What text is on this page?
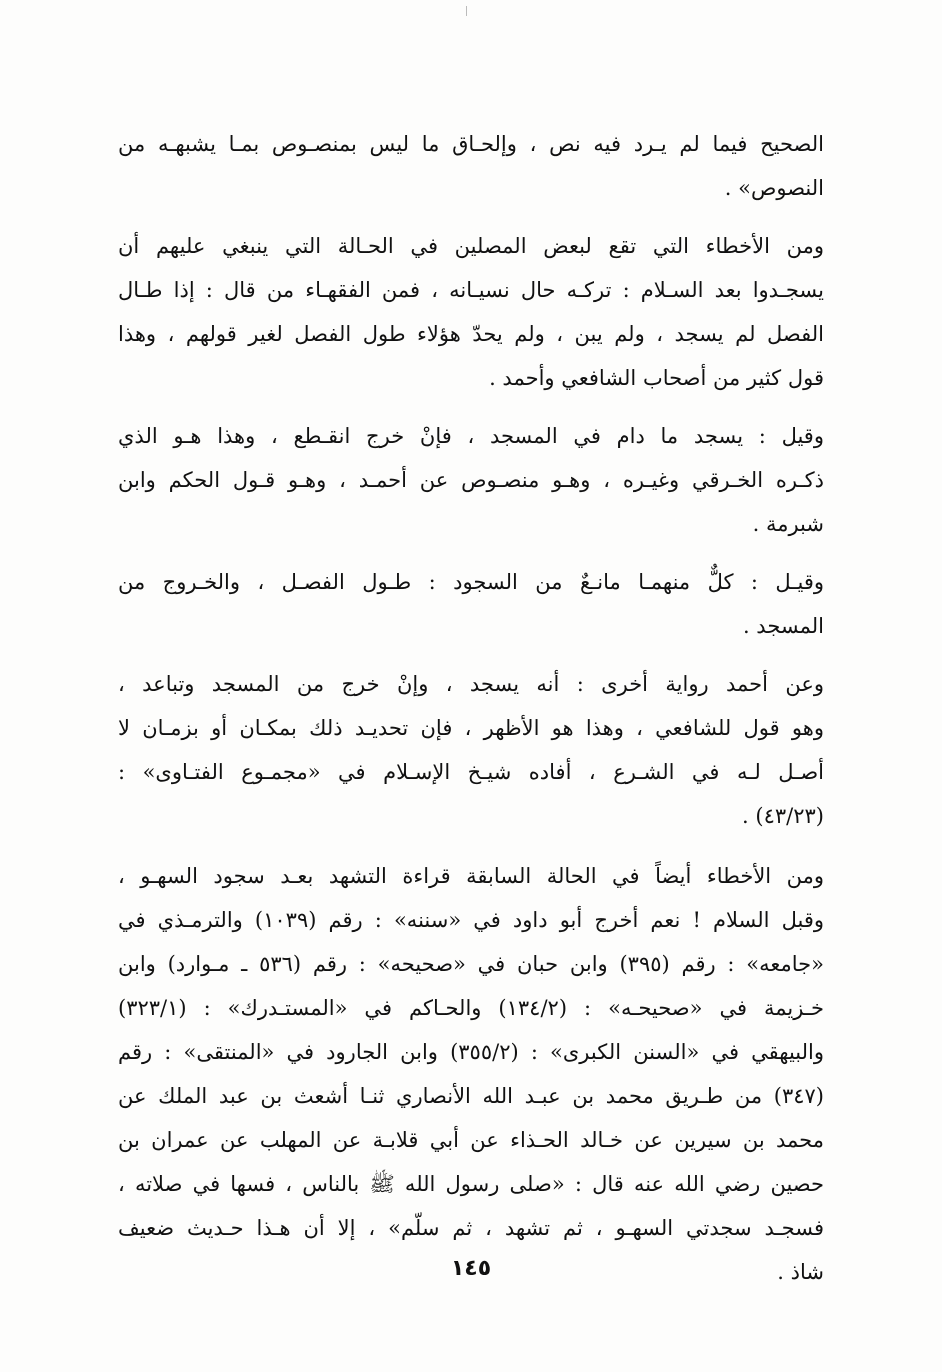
الصحيح فيما لم يـرد فيه نص ، وإلحـاق ما ليس بمنصـوص بمـا يشبهـه من
النصوص» .
ومن الأخطاء التي تقع لبعض المصلين في الحـالة التي ينبغي عليهم أن
يسجـدوا بعد السـلام : تركـه حال نسيـانه ، فمن الفقهـاء من قال : إذا طـال
الفصل لم يسجد ، ولم يبن ، ولم يحدّ هؤلاء طول الفصل لغير قولهم ، وهذا
قول كثير من أصحاب الشافعي وأحمد .
وقيل : يسجد ما دام في المسجد ، فإنْ خرج انقـطع ، وهذا هـو الذي
ذكـره الخـرقي وغيـره ، وهـو منصـوص عن أحمـد ، وهـو قـول الحكم وابن
شبرمة .
وقيـل : كلٌّ منهمـا مانـعٌ من السجود : طـول الفصـل ، والخـروج من
المسجد .
وعن أحمد رواية أخرى : أنه يسجد ، وإنْ خرج من المسجد وتباعد ،
وهو قول للشافعي ، وهذا هو الأظهر ، فإن تحديـد ذلك بمكـان أو بزمـان لا
أصـل لـه في الشـرع ، أفاده شيـخ الإسـلام في «مجمـوع الفتـاوى» :
(٤٣/٢٣) .
ومن الأخطاء أيضاً في الحالة السابقة قراءة التشهد بعـد سجود السهـو ،
وقبل السلام ! نعم أخرج أبو داود في «سننه» : رقم (١٠٣٩) والترمـذي في
«جامعه» : رقم (٣٩٥) وابن حبان في «صحيحه» : رقم (٥٣٦ ـ مـوارد) وابن
خـزيمة في «صحيحـه» : (١٣٤/٢) والحـاكم في «المستـدرك» : (٣٢٣/١)
والبيهقي في «السنن الكبرى» : (٣٥٥/٢) وابن الجارود في «المنتقى» : رقم
(٣٤٧) من طـريق محمد بن عبـد الله الأنصاري ثنـا أشعث بن عبد الملك عن
محمد بن سيرين عن خـالد الحـذاء عن أبي قلابـة عن المهلب عن عمران بن
حصين رضي الله عنه قال : «صلى رسول الله ﷺ بالناس ، فسها في صلاته ،
فسجـد سجدتي السهـو ، ثم تشهد ، ثم سلّم» ، إلا أن هـذا حـديث ضعيف
شاذ .
١٤٥
